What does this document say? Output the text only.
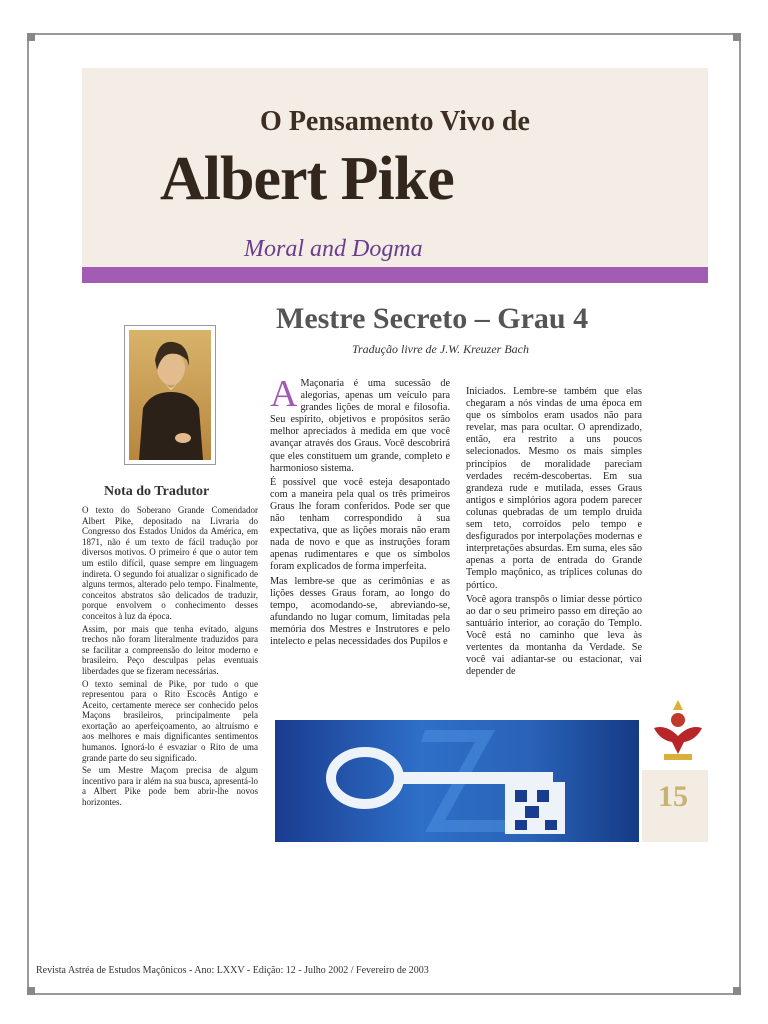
O Pensamento Vivo de
Albert Pike
Moral and Dogma
Mestre Secreto – Grau 4
Tradução livre de J.W. Kreuzer Bach
Nota do Tradutor

O texto do Soberano Grande Comendador Albert Pike, depositado na Livraria do Congresso dos Estados Unidos da América, em 1871, não é um texto de fácil tradução por diversos motivos. O primeiro é que o autor tem um estilo difícil, quase sempre em linguagem indireta. O segundo foi atualizar o significado de alguns termos, alterado pelo tempo. Finalmente, conceitos abstratos são delicados de traduzir, porque envolvem o conhecimento desses conceitos à luz da época.

Assim, por mais que tenha evitado, alguns trechos não foram literalmente traduzidos para se facilitar a compreensão do leitor moderno e brasileiro. Peço desculpas pelas eventuais liberdades que se fizeram necessárias.

O texto seminal de Pike, por tudo o que representou para o Rito Escocês Antigo e Aceito, certamente merece ser conhecido pelos Maçons brasileiros, principalmente pela exortação ao aperfeiçoamento, ao altruísmo e aos melhores e mais dignificantes sentimentos humanos. Ignorá-lo é esvaziar o Rito de uma grande parte do seu significado.

Se um Mestre Maçom precisa de algum incentivo para ir além na sua busca, apresentá-lo a Albert Pike pode bem abrir-lhe novos horizontes.

A Maçonaria é uma sucessão de alegorias, apenas um veículo para grandes lições de moral e filosofia. Seu espírito, objetivos e propósitos serão melhor apreciados à medida em que você avançar através dos Graus. Você descobrirá que eles constituem um grande, completo e harmonioso sistema.

É possível que você esteja desapontado com a maneira pela qual os três primeiros Graus lhe foram conferidos. Pode ser que não tenham correspondido à sua expectativa, que as lições morais não eram nada de novo e que as instruções foram apenas rudimentares e que os símbolos foram explicados de forma imperfeita.

Mas lembre-se que as cerimônias e as lições desses Graus foram, ao longo do tempo, acomodando-se, abreviando-se, afundando no lugar comum, limitadas pela memória dos Mestres e Instrutores e pelo intelecto e pelas necessidades dos Pupilos e

Iniciados. Lembre-se também que elas chegaram a nós vindas de uma época em que os símbolos eram usados não para revelar, mas para ocultar. O aprendizado, então, era restrito a uns poucos selecionados. Mesmo os mais simples princípios de moralidade pareciam verdades recém-descobertas. Em sua grandeza rude e mutilada, esses Graus antigos e simplórios agora podem parecer colunas quebradas de um templo druida sem teto, corroídos pelo tempo e desfigurados por interpolações modernas e interpretações absurdas. Em suma, eles são apenas a porta de entrada do Grande Templo maçônico, as tríplices colunas do pórtico.

Você agora transpôs o limiar desse pórtico ao dar o seu primeiro passo em direção ao santuário interior, ao coração do Templo. Você está no caminho que leva às vertentes da montanha da Verdade. Se você vai adiantar-se ou estacionar, vai depender de

15
Revista Astréa de Estudos Maçônicos - Ano: LXXV - Edição: 12 - Julho 2002 / Fevereiro de 2003
